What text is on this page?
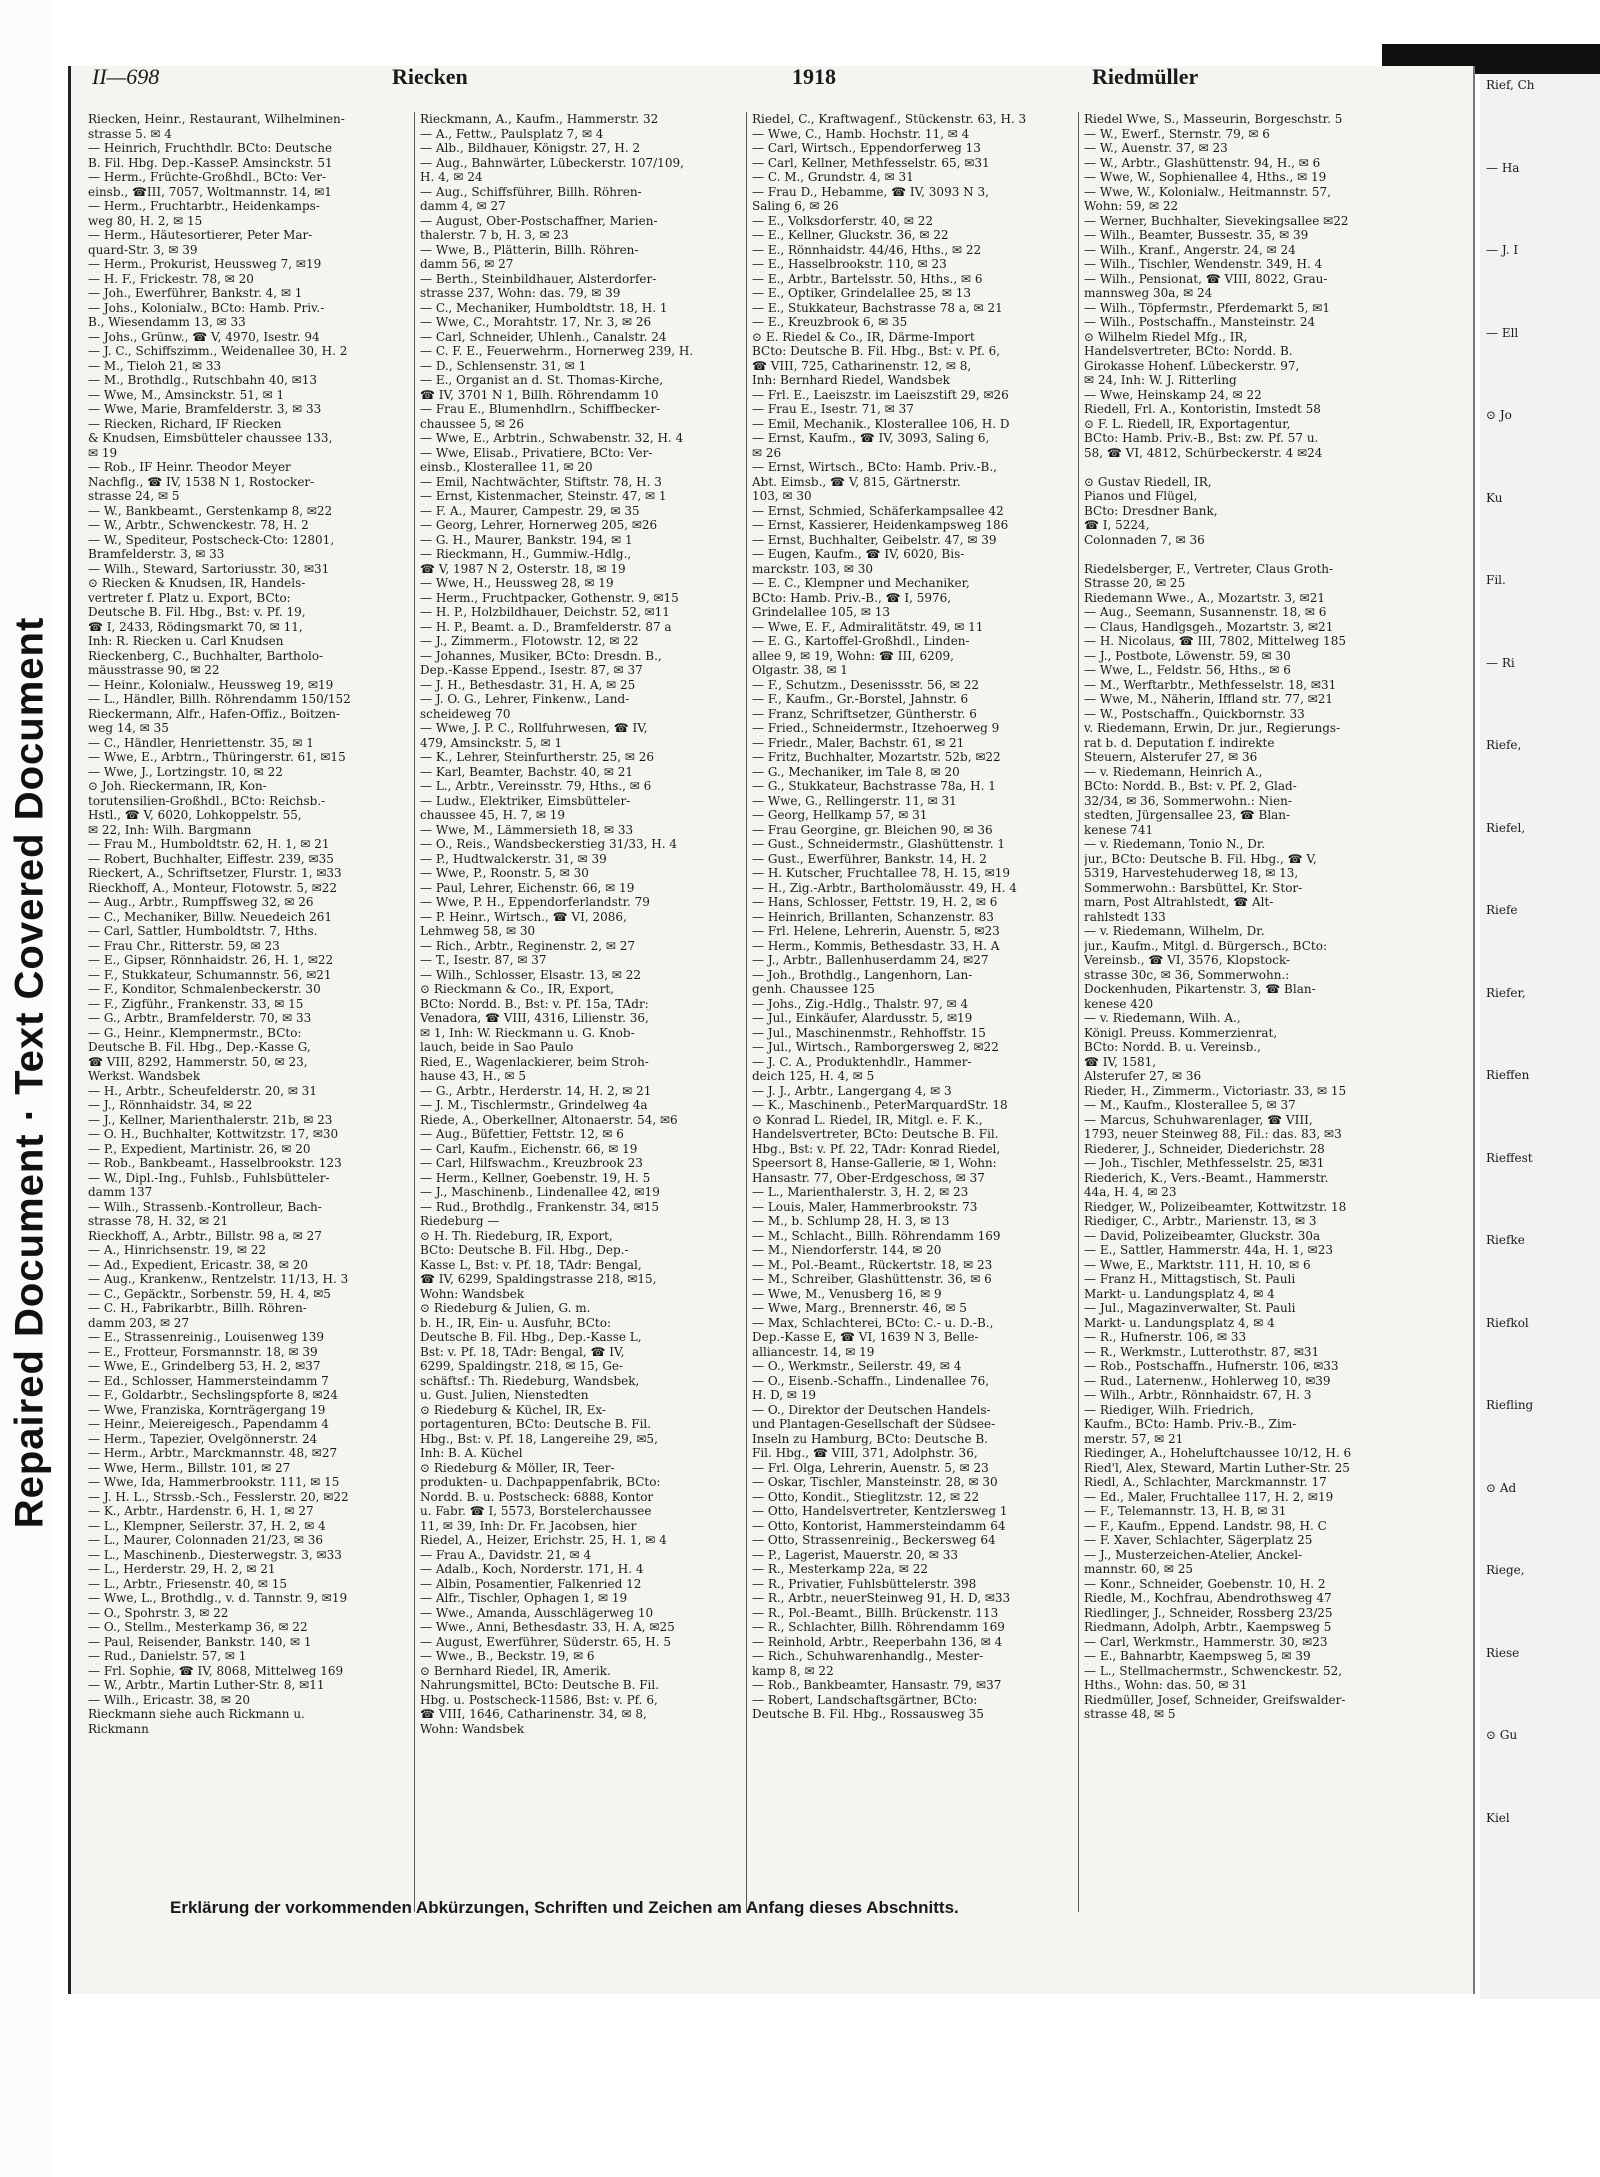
Repaired Document · Text Covered Document
II—698	Riecken	1918	Riedmüller

Riecken, Heinr., Restaurant, Wilhelminen-

strasse 5. ✉ 4

— Heinrich, Fruchthdlr. BCto: Deutsche

B. Fil. Hbg. Dep.-KasseP. Amsinckstr. 51

— Herm., Früchte-Großhdl., BCto: Ver-

einsb., ☎III, 7057, Woltmannstr. 14, ✉1

— Herm., Fruchtarbtr., Heidenkamps-

weg 80, H. 2, ✉ 15

— Herm., Häutesortierer, Peter Mar-

quard-Str. 3, ✉ 39

— Herm., Prokurist, Heussweg 7, ✉19

— H. F., Frickestr. 78, ✉ 20

— Joh., Ewerführer, Bankstr. 4, ✉ 1

— Johs., Kolonialw., BCto: Hamb. Priv.-

B., Wiesendamm 13, ✉ 33

— Johs., Grünw., ☎ V, 4970, Isestr. 94

— J. C., Schiffszimm., Weidenallee 30, H. 2

— M., Tieloh 21, ✉ 33

— M., Brothdlg., Rutschbahn 40, ✉13

— Wwe, M., Amsinckstr. 51, ✉ 1

— Wwe, Marie, Bramfelderstr. 3, ✉ 33

— Riecken, Richard, IF Riecken

& Knudsen, Eimsbütteler chaussee 133,

✉ 19

— Rob., IF Heinr. Theodor Meyer

Nachflg., ☎ IV, 1538 N 1, Rostocker-

strasse 24, ✉ 5

— W., Bankbeamt., Gerstenkamp 8, ✉22

— W., Arbtr., Schwenckestr. 78, H. 2

— W., Spediteur, Postscheck-Cto: 12801,

Bramfelderstr. 3, ✉ 33

— Wilh., Steward, Sartoriusstr. 30, ✉31

⊙ Riecken & Knudsen, IR, Handels-

vertreter f. Platz u. Export, BCto:

Deutsche B. Fil. Hbg., Bst: v. Pf. 19,

☎ I, 2433, Rödingsmarkt 70, ✉ 11,

Inh: R. Riecken u. Carl Knudsen

Rieckenberg, C., Buchhalter, Bartholo-

mäusstrasse 90, ✉ 22

— Heinr., Kolonialw., Heussweg 19, ✉19

— L., Händler, Billh. Röhrendamm 150/152

Rieckermann, Alfr., Hafen-Offiz., Boitzen-

weg 14, ✉ 35

— C., Händler, Henriettenstr. 35, ✉ 1

— Wwe, E., Arbtrn., Thüringerstr. 61, ✉15

— Wwe, J., Lortzingstr. 10, ✉ 22

⊙ Joh. Rieckermann, IR, Kon-

torutensilien-Großhdl., BCto: Reichsb.-

Hstl., ☎ V, 6020, Lohkoppelstr. 55,

✉ 22, Inh: Wilh. Bargmann

— Frau M., Humboldtstr. 62, H. 1, ✉ 21

— Robert, Buchhalter, Eiffestr. 239, ✉35

Rieckert, A., Schriftsetzer, Flurstr. 1, ✉33

Rieckhoff, A., Monteur, Flotowstr. 5, ✉22

— Aug., Arbtr., Rumpffsweg 32, ✉ 26

— C., Mechaniker, Billw. Neuedeich 261

— Carl, Sattler, Humboldtstr. 7, Hths.

— Frau Chr., Ritterstr. 59, ✉ 23

— E., Gipser, Rönnhaidstr. 26, H. 1, ✉22

— F., Stukkateur, Schumannstr. 56, ✉21

— F., Konditor, Schmalenbeckerstr. 30

— F., Zigführ., Frankenstr. 33, ✉ 15

— G., Arbtr., Bramfelderstr. 70, ✉ 33

— G., Heinr., Klempnermstr., BCto:

Deutsche B. Fil. Hbg., Dep.-Kasse G,

☎ VIII, 8292, Hammerstr. 50, ✉ 23,

Werkst. Wandsbek

— H., Arbtr., Scheufelderstr. 20, ✉ 31

— J., Rönnhaidstr. 34, ✉ 22

— J., Kellner, Marienthalerstr. 21b, ✉ 23

— O. H., Buchhalter, Kottwitzstr. 17, ✉30

— P., Expedient, Martinistr. 26, ✉ 20

— Rob., Bankbeamt., Hasselbrookstr. 123

— W., Dipl.-Ing., Fuhlsb., Fuhlsbütteler-

damm 137

— Wilh., Strassenb.-Kontrolleur, Bach-

strasse 78, H. 32, ✉ 21

Rieckhoff, A., Arbtr., Billstr. 98 a, ✉ 27

— A., Hinrichsenstr. 19, ✉ 22

— Ad., Expedient, Ericastr. 38, ✉ 20

— Aug., Krankenw., Rentzelstr. 11/13, H. 3

— C., Gepäcktr., Sorbenstr. 59, H. 4, ✉5

— C. H., Fabrikarbtr., Billh. Röhren-

damm 203, ✉ 27

— E., Strassenreinig., Louisenweg 139

— E., Frotteur, Forsmannstr. 18, ✉ 39

— Wwe, E., Grindelberg 53, H. 2, ✉37

— Ed., Schlosser, Hammersteindamm 7

— F., Goldarbtr., Sechslingspforte 8, ✉24

— Wwe, Franziska, Kornträgergang 19

— Heinr., Meiereigesch., Papendamm 4

— Herm., Tapezier, Ovelgönnerstr. 24

— Herm., Arbtr., Marckmannstr. 48, ✉27

— Wwe, Herm., Billstr. 101, ✉ 27

— Wwe, Ida, Hammerbrookstr. 111, ✉ 15

— J. H. L., Strssb.-Sch., Fesslerstr. 20, ✉22

— K., Arbtr., Hardenstr. 6, H. 1, ✉ 27

— L., Klempner, Seilerstr. 37, H. 2, ✉ 4

— L., Maurer, Colonnaden 21/23, ✉ 36

— L., Maschinenb., Diesterwegstr. 3, ✉33

— L., Herderstr. 29, H. 2, ✉ 21

— L., Arbtr., Friesenstr. 40, ✉ 15

— Wwe, L., Brothdlg., v. d. Tannstr. 9, ✉19

— O., Spohrstr. 3, ✉ 22

— O., Stellm., Mesterkamp 36, ✉ 22

— Paul, Reisender, Bankstr. 140, ✉ 1

— Rud., Danielstr. 57, ✉ 1

— Frl. Sophie, ☎ IV, 8068, Mittelweg 169

— W., Arbtr., Martin Luther-Str. 8, ✉11

— Wilh., Ericastr. 38, ✉ 20

Rieckmann siehe auch Rickmann u.

Rickmann

Rieckmann, A., Kaufm., Hammerstr. 32

— A., Fettw., Paulsplatz 7, ✉ 4

— Alb., Bildhauer, Königstr. 27, H. 2

— Aug., Bahnwärter, Lübeckerstr. 107/109,

H. 4, ✉ 24

— Aug., Schiffsführer, Billh. Röhren-

damm 4, ✉ 27

— August, Ober-Postschaffner, Marien-

thalerstr. 7 b, H. 3, ✉ 23

— Wwe, B., Plätterin, Billh. Röhren-

damm 56, ✉ 27

— Berth., Steinbildhauer, Alsterdorfer-

strasse 237, Wohn: das. 79, ✉ 39

— C., Mechaniker, Humboldtstr. 18, H. 1

— Wwe, C., Morahtstr. 17, Nr. 3, ✉ 26

— Carl, Schneider, Uhlenh., Canalstr. 24

— C. F. E., Feuerwehrm., Hornerweg 239, H.

— D., Schlensenstr. 31, ✉ 1

— E., Organist an d. St. Thomas-Kirche,

☎ IV, 3701 N 1, Billh. Röhrendamm 10

— Frau E., Blumenhdlrn., Schiffbecker-

chaussee 5, ✉ 26

— Wwe, E., Arbtrin., Schwabenstr. 32, H. 4

— Wwe, Elisab., Privatiere, BCto: Ver-

einsb., Klosterallee 11, ✉ 20

— Emil, Nachtwächter, Stiftstr. 78, H. 3

— Ernst, Kistenmacher, Steinstr. 47, ✉ 1

— F. A., Maurer, Campestr. 29, ✉ 35

— Georg, Lehrer, Hornerweg 205, ✉26

— G. H., Maurer, Bankstr. 194, ✉ 1

— Rieckmann, H., Gummiw.-Hdlg.,

☎ V, 1987 N 2, Osterstr. 18, ✉ 19

— Wwe, H., Heussweg 28, ✉ 19

— Herm., Fruchtpacker, Gothenstr. 9, ✉15

— H. P., Holzbildhauer, Deichstr. 52, ✉11

— H. P., Beamt. a. D., Bramfelderstr. 87 a

— J., Zimmerm., Flotowstr. 12, ✉ 22

— Johannes, Musiker, BCto: Dresdn. B.,

Dep.-Kasse Eppend., Isestr. 87, ✉ 37

— J. H., Bethesdastr. 31, H. A, ✉ 25

— J. O. G., Lehrer, Finkenw., Land-

scheideweg 70

— Wwe, J. P. C., Rollfuhrwesen, ☎ IV,

479, Amsinckstr. 5, ✉ 1

— K., Lehrer, Steinfurtherstr. 25, ✉ 26

— Karl, Beamter, Bachstr. 40, ✉ 21

— L., Arbtr., Vereinsstr. 79, Hths., ✉ 6

— Ludw., Elektriker, Eimsbütteler-

chaussee 45, H. 7, ✉ 19

— Wwe, M., Lämmersieth 18, ✉ 33

— O., Reis., Wandsbeckerstieg 31/33, H. 4

— P., Hudtwalckerstr. 31, ✉ 39

— Wwe, P., Roonstr. 5, ✉ 30

— Paul, Lehrer, Eichenstr. 66, ✉ 19

— Wwe, P. H., Eppendorferlandstr. 79

— P. Heinr., Wirtsch., ☎ VI, 2086,

Lehmweg 58, ✉ 30

— Rich., Arbtr., Reginenstr. 2, ✉ 27

— T., Isestr. 87, ✉ 37

— Wilh., Schlosser, Elsastr. 13, ✉ 22

⊙ Rieckmann & Co., IR, Export,

BCto: Nordd. B., Bst: v. Pf. 15a, TAdr:

Venadora, ☎ VIII, 4316, Lilienstr. 36,

✉ 1, Inh: W. Rieckmann u. G. Knob-

lauch, beide in Sao Paulo

Ried, E., Wagenlackierer, beim Stroh-

hause 43, H., ✉ 5

— G., Arbtr., Herderstr. 14, H. 2, ✉ 21

— J. M., Tischlermstr., Grindelweg 4a

Riede, A., Oberkellner, Altonaerstr. 54, ✉6

— Aug., Büfettier, Fettstr. 12, ✉ 6

— Carl, Kaufm., Eichenstr. 66, ✉ 19

— Carl, Hilfswachm., Kreuzbrook 23

— Herm., Kellner, Goebenstr. 19, H. 5

— J., Maschinenb., Lindenallee 42, ✉19

— Rud., Brothdlg., Frankenstr. 34, ✉15

Riedeburg —

⊙ H. Th. Riedeburg, IR, Export,

BCto: Deutsche B. Fil. Hbg., Dep.-

Kasse L, Bst: v. Pf. 18, TAdr: Bengal,

☎ IV, 6299, Spaldingstrasse 218, ✉15,

Wohn: Wandsbek

⊙ Riedeburg & Julien, G. m.

b. H., IR, Ein- u. Ausfuhr, BCto:

Deutsche B. Fil. Hbg., Dep.-Kasse L,

Bst: v. Pf. 18, TAdr: Bengal, ☎ IV,

6299, Spaldingstr. 218, ✉ 15, Ge-

schäftsf.: Th. Riedeburg, Wandsbek,

u. Gust. Julien, Nienstedten

⊙ Riedeburg & Küchel, IR, Ex-

portagenturen, BCto: Deutsche B. Fil.

Hbg., Bst: v. Pf. 18, Langereihe 29, ✉5,

Inh: B. A. Küchel

⊙ Riedeburg & Möller, IR, Teer-

produkten- u. Dachpappenfabrik, BCto:

Nordd. B. u. Postscheck: 6888, Kontor

u. Fabr. ☎ I, 5573, Borstelerchaussee

11, ✉ 39, Inh: Dr. Fr. Jacobsen, hier

Riedel, A., Heizer, Erichstr. 25, H. 1, ✉ 4

— Frau A., Davidstr. 21, ✉ 4

— Adalb., Koch, Norderstr. 171, H. 4

— Albin, Posamentier, Falkenried 12

— Alfr., Tischler, Ophagen 1, ✉ 19

— Wwe., Amanda, Ausschlägerweg 10

— Wwe., Anni, Bethesdastr. 33, H. A, ✉25

— August, Ewerführer, Süderstr. 65, H. 5

— Wwe., B., Beckstr. 19, ✉ 6

⊙ Bernhard Riedel, IR, Amerik.

Nahrungsmittel, BCto: Deutsche B. Fil.

Hbg. u. Postscheck-11586, Bst: v. Pf. 6,

☎ VIII, 1646, Catharinenstr. 34, ✉ 8,

Wohn: Wandsbek

Riedel, C., Kraftwagenf., Stückenstr. 63, H. 3

— Wwe, C., Hamb. Hochstr. 11, ✉ 4

— Carl, Wirtsch., Eppendorferweg 13

— Carl, Kellner, Methfesselstr. 65, ✉31

— C. M., Grundstr. 4, ✉ 31

— Frau D., Hebamme, ☎ IV, 3093 N 3,

Saling 6, ✉ 26

— E., Volksdorferstr. 40, ✉ 22

— E., Kellner, Gluckstr. 36, ✉ 22

— E., Rönnhaidstr. 44/46, Hths., ✉ 22

— E., Hasselbrookstr. 110, ✉ 23

— E., Arbtr., Bartelsstr. 50, Hths., ✉ 6

— E., Optiker, Grindelallee 25, ✉ 13

— E., Stukkateur, Bachstrasse 78 a, ✉ 21

— E., Kreuzbrook 6, ✉ 35

⊙ E. Riedel & Co., IR, Därme-Import

BCto: Deutsche B. Fil. Hbg., Bst: v. Pf. 6,

☎ VIII, 725, Catharinenstr. 12, ✉ 8,

Inh: Bernhard Riedel, Wandsbek

— Frl. E., Laeiszstr. im Laeiszstift 29, ✉26

— Frau E., Isestr. 71, ✉ 37

— Emil, Mechanik., Klosterallee 106, H. D

— Ernst, Kaufm., ☎ IV, 3093, Saling 6,

✉ 26

— Ernst, Wirtsch., BCto: Hamb. Priv.-B.,

Abt. Eimsb., ☎ V, 815, Gärtnerstr.

103, ✉ 30

— Ernst, Schmied, Schäferkampsallee 42

— Ernst, Kassierer, Heidenkampsweg 186

— Ernst, Buchhalter, Geibelstr. 47, ✉ 39

— Eugen, Kaufm., ☎ IV, 6020, Bis-

marckstr. 103, ✉ 30

— E. C., Klempner und Mechaniker,

BCto: Hamb. Priv.-B., ☎ I, 5976,

Grindelallee 105, ✉ 13

— Wwe, E. F., Admiralitätstr. 49, ✉ 11

— E. G., Kartoffel-Großhdl., Linden-

allee 9, ✉ 19, Wohn: ☎ III, 6209,

Olgastr. 38, ✉ 1

— F., Schutzm., Desenissstr. 56, ✉ 22

— F., Kaufm., Gr.-Borstel, Jahnstr. 6

— Franz, Schriftsetzer, Güntherstr. 6

— Fried., Schneidermstr., Itzehoerweg 9

— Friedr., Maler, Bachstr. 61, ✉ 21

— Fritz, Buchhalter, Mozartstr. 52b, ✉22

— G., Mechaniker, im Tale 8, ✉ 20

— G., Stukkateur, Bachstrasse 78a, H. 1

— Wwe, G., Rellingerstr. 11, ✉ 31

— Georg, Hellkamp 57, ✉ 31

— Frau Georgine, gr. Bleichen 90, ✉ 36

— Gust., Schneidermstr., Glashüttenstr. 1

— Gust., Ewerführer, Bankstr. 14, H. 2

— H. Kutscher, Fruchtallee 78, H. 15, ✉19

— H., Zig.-Arbtr., Bartholomäusstr. 49, H. 4

— Hans, Schlosser, Fettstr. 19, H. 2, ✉ 6

— Heinrich, Brillanten, Schanzenstr. 83

— Frl. Helene, Lehrerin, Auenstr. 5, ✉23

— Herm., Kommis, Bethesdastr. 33, H. A

— J., Arbtr., Ballenhuserdamm 24, ✉27

— Joh., Brothdlg., Langenhorn, Lan-

genh. Chaussee 125

— Johs., Zig.-Hdlg., Thalstr. 97, ✉ 4

— Jul., Einkäufer, Alardusstr. 5, ✉19

— Jul., Maschinenmstr., Rehhoffstr. 15

— Jul., Wirtsch., Ramborgersweg 2, ✉22

— J. C. A., Produktenhdlr., Hammer-

deich 125, H. 4, ✉ 5

— J. J., Arbtr., Langergang 4, ✉ 3

— K., Maschinenb., PeterMarquardStr. 18

⊙ Konrad L. Riedel, IR, Mitgl. e. F. K.,

Handelsvertreter, BCto: Deutsche B. Fil.

Hbg., Bst: v. Pf. 22, TAdr: Konrad Riedel,

Speersort 8, Hanse-Gallerie, ✉ 1, Wohn:

Hansastr. 77, Ober-Erdgeschoss, ✉ 37

— L., Marienthalerstr. 3, H. 2, ✉ 23

— Louis, Maler, Hammerbrookstr. 73

— M., b. Schlump 28, H. 3, ✉ 13

— M., Schlacht., Billh. Röhrendamm 169

— M., Niendorferstr. 144, ✉ 20

— M., Pol.-Beamt., Rückertstr. 18, ✉ 23

— M., Schreiber, Glashüttenstr. 36, ✉ 6

— Wwe, M., Venusberg 16, ✉ 9

— Wwe, Marg., Brennerstr. 46, ✉ 5

— Max, Schlachterei, BCto: C.- u. D.-B.,

Dep.-Kasse E, ☎ VI, 1639 N 3, Belle-

alliancestr. 14, ✉ 19

— O., Werkmstr., Seilerstr. 49, ✉ 4

— O., Eisenb.-Schaffn., Lindenallee 76,

H. D, ✉ 19

— O., Direktor der Deutschen Handels-

und Plantagen-Gesellschaft der Südsee-

Inseln zu Hamburg, BCto: Deutsche B.

Fil. Hbg., ☎ VIII, 371, Adolphstr. 36,

— Frl. Olga, Lehrerin, Auenstr. 5, ✉ 23

— Oskar, Tischler, Mansteinstr. 28, ✉ 30

— Otto, Kondit., Stieglitzstr. 12, ✉ 22

— Otto, Handelsvertreter, Kentzlersweg 1

— Otto, Kontorist, Hammersteindamm 64

— Otto, Strassenreinig., Beckersweg 64

— P., Lagerist, Mauerstr. 20, ✉ 33

— R., Mesterkamp 22a, ✉ 22

— R., Privatier, Fuhlsbüttelerstr. 398

— R., Arbtr., neuerSteinweg 91, H. D, ✉33

— R., Pol.-Beamt., Billh. Brückenstr. 113

— R., Schlachter, Billh. Röhrendamm 169

— Reinhold, Arbtr., Reeperbahn 136, ✉ 4

— Rich., Schuhwarenhandlg., Mester-

kamp 8, ✉ 22

— Rob., Bankbeamter, Hansastr. 79, ✉37

— Robert, Landschaftsgärtner, BCto:

Deutsche B. Fil. Hbg., Rossausweg 35

Riedel Wwe, S., Masseurin, Borgeschstr. 5

— W., Ewerf., Sternstr. 79, ✉ 6

— W., Auenstr. 37, ✉ 23

— W., Arbtr., Glashüttenstr. 94, H., ✉ 6

— Wwe, W., Sophienallee 4, Hths., ✉ 19

— Wwe, W., Kolonialw., Heitmannstr. 57,

Wohn: 59, ✉ 22

— Werner, Buchhalter, Sievekingsallee ✉22

— Wilh., Beamter, Bussestr. 35, ✉ 39

— Wilh., Kranf., Angerstr. 24, ✉ 24

— Wilh., Tischler, Wendenstr. 349, H. 4

— Wilh., Pensionat, ☎ VIII, 8022, Grau-

mannsweg 30a, ✉ 24

— Wilh., Töpfermstr., Pferdemarkt 5, ✉1

— Wilh., Postschaffn., Mansteinstr. 24

⊙ Wilhelm Riedel Mfg., IR,

Handelsvertreter, BCto: Nordd. B.

Girokasse Hohenf. Lübeckerstr. 97,

✉ 24, Inh: W. J. Ritterling

— Wwe, Heinskamp 24, ✉ 22

Riedell, Frl. A., Kontoristin, Imstedt 58

⊙ F. L. Riedell, IR, Exportagentur,

BCto: Hamb. Priv.-B., Bst: zw. Pf. 57 u.

58, ☎ VI, 4812, Schürbeckerstr. 4 ✉24

⊙ Gustav Riedell, IR,

Pianos und Flügel,

BCto: Dresdner Bank,

☎ I, 5224,

Colonnaden 7, ✉ 36

Riedelsberger, F., Vertreter, Claus Groth-

Strasse 20, ✉ 25

Riedemann Wwe., A., Mozartstr. 3, ✉21

— Aug., Seemann, Susannenstr. 18, ✉ 6

— Claus, Handlgsgeh., Mozartstr. 3, ✉21

— H. Nicolaus, ☎ III, 7802, Mittelweg 185

— J., Postbote, Löwenstr. 59, ✉ 30

— Wwe, L., Feldstr. 56, Hths., ✉ 6

— M., Werftarbtr., Methfesselstr. 18, ✉31

— Wwe, M., Näherin, Iffland str. 77, ✉21

— W., Postschaffn., Quickbornstr. 33

v. Riedemann, Erwin, Dr. jur., Regierungs-

rat b. d. Deputation f. indirekte

Steuern, Alsterufer 27, ✉ 36

— v. Riedemann, Heinrich A.,

BCto: Nordd. B., Bst: v. Pf. 2, Glad-

32/34, ✉ 36, Sommerwohn.: Nien-

stedten, Jürgensallee 23, ☎ Blan-

kenese 741

— v. Riedemann, Tonio N., Dr.

jur., BCto: Deutsche B. Fil. Hbg., ☎ V,

5319, Harvestehuderweg 18, ✉ 13,

Sommerwohn.: Barsbüttel, Kr. Stor-

marn, Post Altrahlstedt, ☎ Alt-

rahlstedt 133

— v. Riedemann, Wilhelm, Dr.

jur., Kaufm., Mitgl. d. Bürgersch., BCto:

Vereinsb., ☎ VI, 3576, Klopstock-

strasse 30c, ✉ 36, Sommerwohn.:

Dockenhuden, Pikartenstr. 3, ☎ Blan-

kenese 420

— v. Riedemann, Wilh. A.,

Königl. Preuss. Kommerzienrat,

BCto: Nordd. B. u. Vereinsb.,

☎ IV, 1581,

Alsterufer 27, ✉ 36

Rieder, H., Zimmerm., Victoriastr. 33, ✉ 15

— M., Kaufm., Klosterallee 5, ✉ 37

— Marcus, Schuhwarenlager, ☎ VIII,

1793, neuer Steinweg 88, Fil.: das. 83, ✉3

Riederer, J., Schneider, Diederichstr. 28

— Joh., Tischler, Methfesselstr. 25, ✉31

Riederich, K., Vers.-Beamt., Hammerstr.

44a, H. 4, ✉ 23

Riedger, W., Polizeibeamter, Kottwitzstr. 18

Riediger, C., Arbtr., Marienstr. 13, ✉ 3

— David, Polizeibeamter, Gluckstr. 30a

— E., Sattler, Hammerstr. 44a, H. 1, ✉23

— Wwe, E., Marktstr. 111, H. 10, ✉ 6

— Franz H., Mittagstisch, St. Pauli

Markt- u. Landungsplatz 4, ✉ 4

— Jul., Magazinverwalter, St. Pauli

Markt- u. Landungsplatz 4, ✉ 4

— R., Hufnerstr. 106, ✉ 33

— R., Werkmstr., Lutterothstr. 87, ✉31

— Rob., Postschaffn., Hufnerstr. 106, ✉33

— Rud., Laternenw., Hohlerweg 10, ✉39

— Wilh., Arbtr., Rönnhaidstr. 67, H. 3

— Riediger, Wilh. Friedrich,

Kaufm., BCto: Hamb. Priv.-B., Zim-

merstr. 57, ✉ 21

Riedinger, A., Hoheluftchaussee 10/12, H. 6

Ried'l, Alex, Steward, Martin Luther-Str. 25

Riedl, A., Schlachter, Marckmannstr. 17

— Ed., Maler, Fruchtallee 117, H. 2, ✉19

— F., Telemannstr. 13, H. B, ✉ 31

— F., Kaufm., Eppend. Landstr. 98, H. C

— F. Xaver, Schlachter, Sägerplatz 25

— J., Musterzeichen-Atelier, Anckel-

mannstr. 60, ✉ 25

— Konr., Schneider, Goebenstr. 10, H. 2

Riedle, M., Kochfrau, Abendrothsweg 47

Riedlinger, J., Schneider, Rossberg 23/25

Riedmann, Adolph, Arbtr., Kaempsweg 5

— Carl, Werkmstr., Hammerstr. 30, ✉23

— E., Bahnarbtr, Kaempsweg 5, ✉ 39

— L., Stellmachermstr., Schwenckestr. 52,

Hths., Wohn: das. 50, ✉ 31

Riedmüller, Josef, Schneider, Greifswalder-

strasse 48, ✉ 5

Erklärung der vorkommenden Abkürzungen, Schriften und Zeichen am Anfang dieses Abschnitts.

Rief, Ch

— Ha

— J. I

— Ell

⊙ Jo

Ku

Fil.

— Ri

Riefe,

Riefel,

Riefe

Riefer,

Rieffen

Rieffest

Riefke

Riefkol

Riefling

⊙ Ad

Riege,

Riese

⊙ Gu

Kiel
